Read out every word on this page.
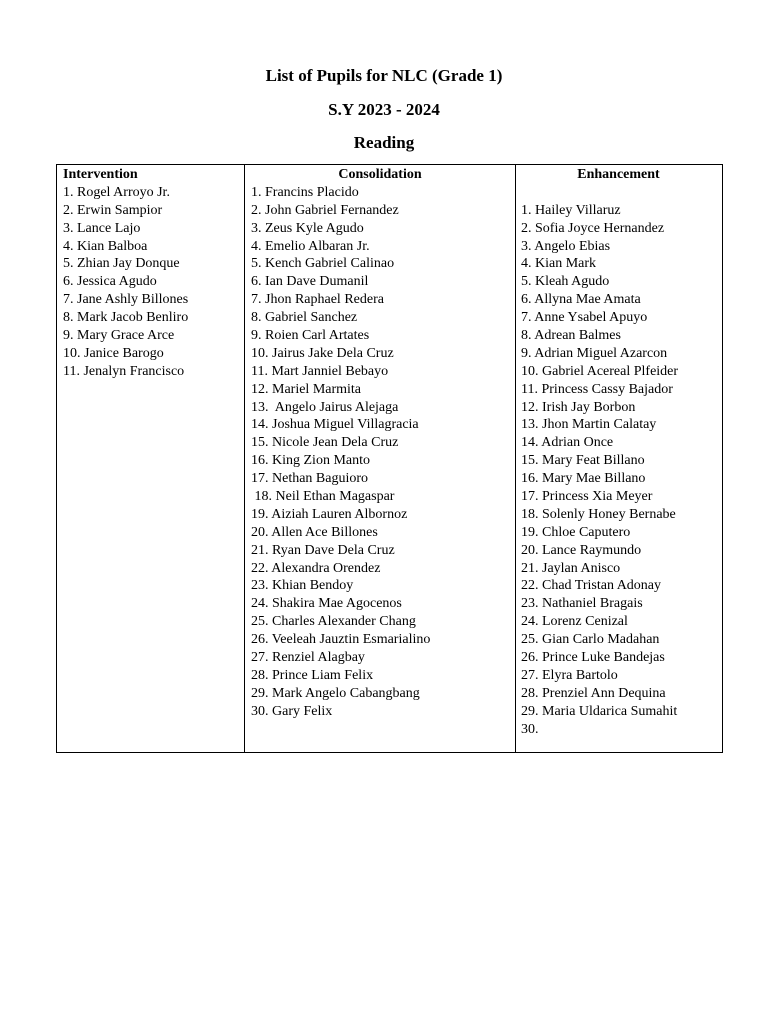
List of Pupils for NLC (Grade 1)
S.Y 2023 - 2024
Reading
Intervention
1. Rogel Arroyo Jr.
2. Erwin Sampior
3. Lance Lajo
4. Kian Balboa
5. Zhian Jay Donque
6. Jessica Agudo
7. Jane Ashly Billones
8. Mark Jacob Benliro
9. Mary Grace Arce
10. Janice Barogo
11. Jenalyn Francisco
Consolidation
1. Francins Placido
2. John Gabriel Fernandez
3. Zeus Kyle Agudo
4. Emelio Albaran Jr.
5. Kench Gabriel Calinao
6. Ian Dave Dumanil
7. Jhon Raphael Redera
8. Gabriel Sanchez
9. Roien Carl Artates
10. Jairus Jake Dela Cruz
11. Mart Janniel Bebayo
12. Mariel Marmita
13.  Angelo Jairus Alejaga
14. Joshua Miguel Villagracia
15. Nicole Jean Dela Cruz
16. King Zion Manto
17. Nethan Baguioro
18. Neil Ethan Magaspar
19. Aiziah Lauren Albornoz
20. Allen Ace Billones
21. Ryan Dave Dela Cruz
22. Alexandra Orendez
23. Khian Bendoy
24. Shakira Mae Agocenos
25. Charles Alexander Chang
26. Veeleah Jauztin Esmarialino
27. Renziel Alagbay
28. Prince Liam Felix
29. Mark Angelo Cabangbang
30. Gary Felix
Enhancement
1. Hailey Villaruz
2. Sofia Joyce Hernandez
3. Angelo Ebias
4. Kian Mark
5. Kleah Agudo
6. Allyna Mae Amata
7. Anne Ysabel Apuyo
8. Adrean Balmes
9. Adrian Miguel Azarcon
10. Gabriel Acereal Plfeider
11. Princess Cassy Bajador
12. Irish Jay Borbon
13. Jhon Martin Calatay
14. Adrian Once
15. Mary Feat Billano
16. Mary Mae Billano
17. Princess Xia Meyer
18. Solenly Honey Bernabe
19. Chloe Caputero
20. Lance Raymundo
21. Jaylan Anisco
22. Chad Tristan Adonay
23. Nathaniel Bragais
24. Lorenz Cenizal
25. Gian Carlo Madahan
26. Prince Luke Bandejas
27. Elyra Bartolo
28. Prenziel Ann Dequina
29. Maria Uldarica Sumahit
30.
